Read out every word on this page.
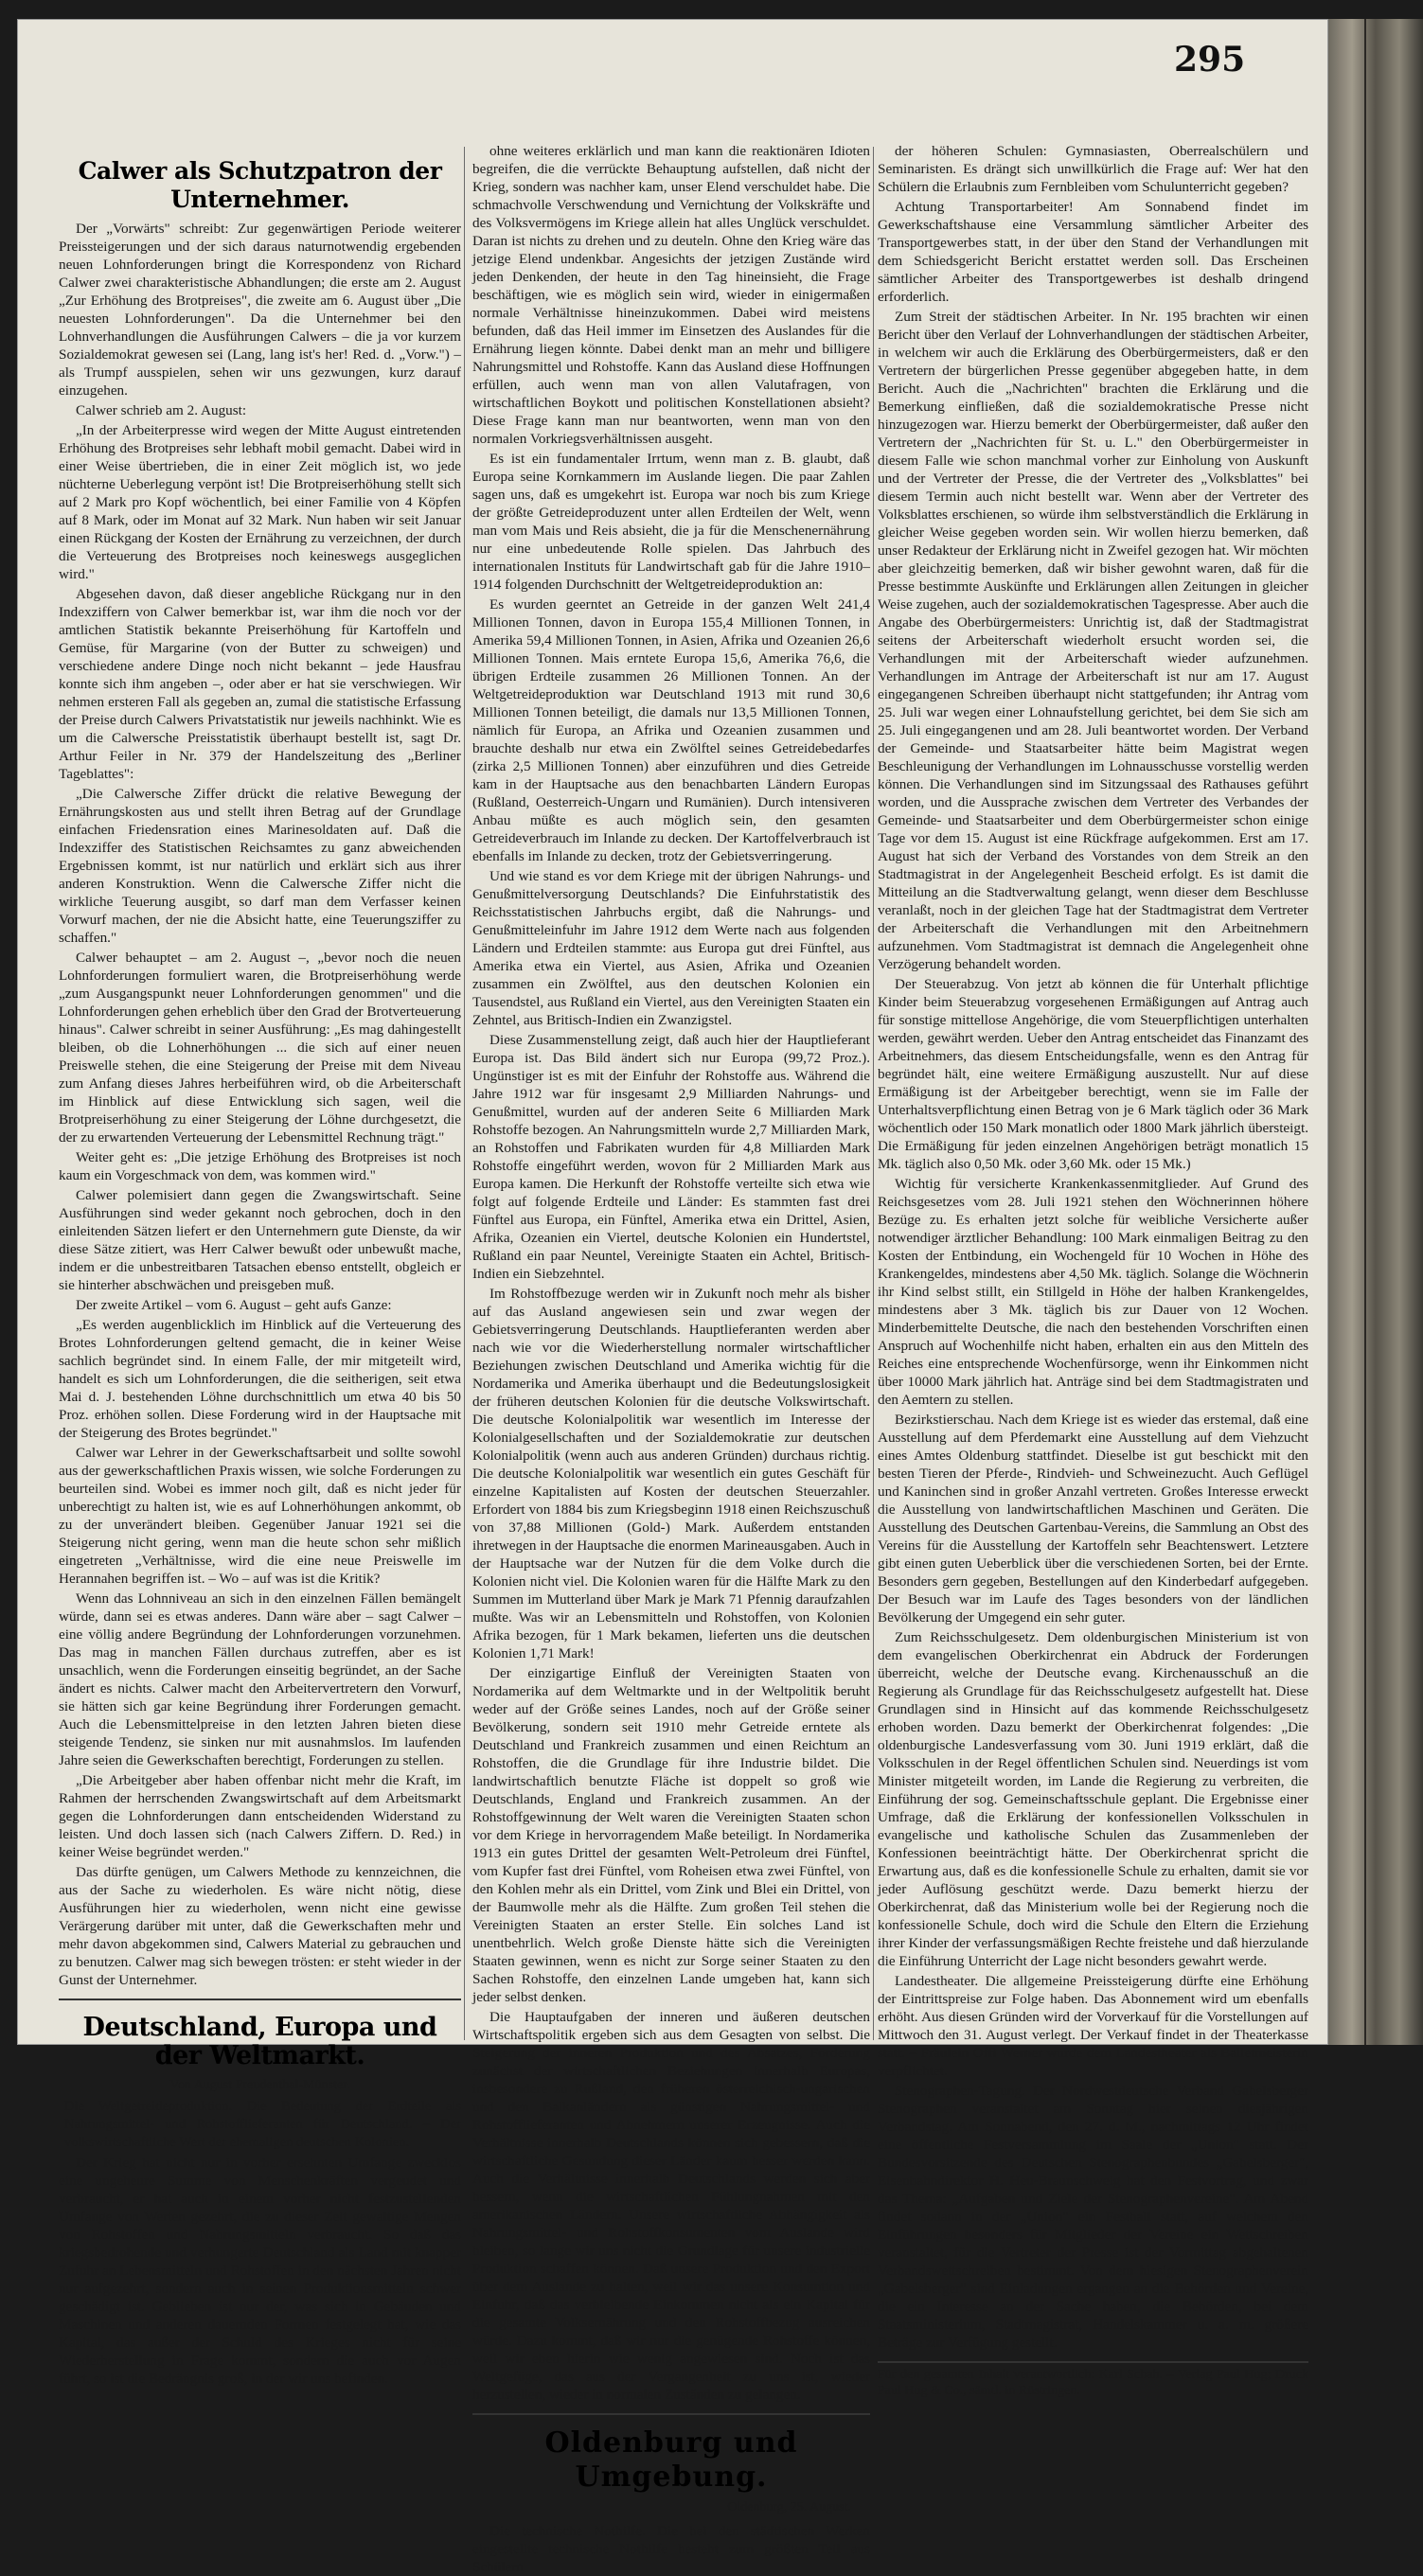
295
Calwer als Schutzpatron der Unternehmer.

Der „Vorwärts" schreibt: Zur gegenwärtigen Periode weiterer Preissteigerungen und der sich daraus naturnotwendig ergebenden neuen Lohnforderungen bringt die Korrespondenz von Richard Calwer zwei charakteristische Abhandlungen; die erste am 2. August „Zur Erhöhung des Brotpreises", die zweite am 6. August über „Die neuesten Lohnforderungen". Da die Unternehmer bei den Lohnverhandlungen die Ausführungen Calwers – die ja vor kurzem Sozialdemokrat gewesen sei (Lang, lang ist's her! Red. d. „Vorw.") – als Trumpf ausspielen, sehen wir uns gezwungen, kurz darauf einzugehen.

Calwer schrieb am 2. August:

„In der Arbeiterpresse wird wegen der Mitte August eintretenden Erhöhung des Brotpreises sehr lebhaft mobil gemacht. Dabei wird in einer Weise übertrieben, die in einer Zeit möglich ist, wo jede nüchterne Ueberlegung verpönt ist! Die Brotpreiserhöhung stellt sich auf 2 Mark pro Kopf wöchentlich, bei einer Familie von 4 Köpfen auf 8 Mark, oder im Monat auf 32 Mark. Nun haben wir seit Januar einen Rückgang der Kosten der Ernährung zu verzeichnen, der durch die Verteuerung des Brotpreises noch keineswegs ausgeglichen wird."

Abgesehen davon, daß dieser angebliche Rückgang nur in den Indexziffern von Calwer bemerkbar ist, war ihm die noch vor der amtlichen Statistik bekannte Preiserhöhung für Kartoffeln und Gemüse, für Margarine (von der Butter zu schweigen) und verschiedene andere Dinge noch nicht bekannt – jede Hausfrau konnte sich ihm angeben –, oder aber er hat sie verschwiegen. Wir nehmen ersteren Fall als gegeben an, zumal die statistische Erfassung der Preise durch Calwers Privatstatistik nur jeweils nachhinkt. Wie es um die Calwersche Preisstatistik überhaupt bestellt ist, sagt Dr. Arthur Feiler in Nr. 379 der Handelszeitung des „Berliner Tageblattes":

„Die Calwersche Ziffer drückt die relative Bewegung der Ernährungskosten aus und stellt ihren Betrag auf der Grundlage einfachen Friedensration eines Marinesoldaten auf. Daß die Indexziffer des Statistischen Reichsamtes zu ganz abweichenden Ergebnissen kommt, ist nur natürlich und erklärt sich aus ihrer anderen Konstruktion. Wenn die Calwersche Ziffer nicht die wirkliche Teuerung ausgibt, so darf man dem Verfasser keinen Vorwurf machen, der nie die Absicht hatte, eine Teuerungsziffer zu schaffen."

Calwer behauptet – am 2. August –, „bevor noch die neuen Lohnforderungen formuliert waren, die Brotpreiserhöhung werde „zum Ausgangspunkt neuer Lohnforderungen genommen" und die Lohnforderungen gehen erheblich über den Grad der Brotverteuerung hinaus". Calwer schreibt in seiner Ausführung: „Es mag dahingestellt bleiben, ob die Lohnerhöhungen ... die sich auf einer neuen Preiswelle stehen, die eine Steigerung der Preise mit dem Niveau zum Anfang dieses Jahres herbeiführen wird, ob die Arbeiterschaft im Hinblick auf diese Entwicklung sich sagen, weil die Brotpreiserhöhung zu einer Steigerung der Löhne durchgesetzt, die der zu erwartenden Verteuerung der Lebensmittel Rechnung trägt."

Weiter geht es: „Die jetzige Erhöhung des Brotpreises ist noch kaum ein Vorgeschmack von dem, was kommen wird."

Calwer polemisiert dann gegen die Zwangswirtschaft. Seine Ausführungen sind weder gekannt noch gebrochen, doch in den einleitenden Sätzen liefert er den Unternehmern gute Dienste, da wir diese Sätze zitiert, was Herr Calwer bewußt oder unbewußt mache, indem er die unbestreitbaren Tatsachen ebenso entstellt, obgleich er sie hinterher abschwächen und preisgeben muß.

Der zweite Artikel – vom 6. August – geht aufs Ganze:

„Es werden augenblicklich im Hinblick auf die Verteuerung des Brotes Lohnforderungen geltend gemacht, die in keiner Weise sachlich begründet sind. In einem Falle, der mir mitgeteilt wird, handelt es sich um Lohnforderungen, die die seitherigen, seit etwa Mai d. J. bestehenden Löhne durchschnittlich um etwa 40 bis 50 Proz. erhöhen sollen. Diese Forderung wird in der Hauptsache mit der Steigerung des Brotes begründet."

Calwer war Lehrer in der Gewerkschaftsarbeit und sollte sowohl aus der gewerkschaftlichen Praxis wissen, wie solche Forderungen zu beurteilen sind. Wobei es immer noch gilt, daß es nicht jeder für unberechtigt zu halten ist, wie es auf Lohnerhöhungen ankommt, ob zu der unverändert bleiben. Gegenüber Januar 1921 sei die Steigerung nicht gering, wenn man die heute schon sehr mißlich eingetreten „Verhältnisse, wird die eine neue Preiswelle im Herannahen begriffen ist. – Wo – auf was ist die Kritik?

Wenn das Lohnniveau an sich in den einzelnen Fällen bemängelt würde, dann sei es etwas anderes. Dann wäre aber – sagt Calwer – eine völlig andere Begründung der Lohnforderungen vorzunehmen. Das mag in manchen Fällen durchaus zutreffen, aber es ist unsachlich, wenn die Forderungen einseitig begründet, an der Sache ändert es nichts. Calwer macht den Arbeitervertretern den Vorwurf, sie hätten sich gar keine Begründung ihrer Forderungen gemacht. Auch die Lebensmittelpreise in den letzten Jahren bieten diese steigende Tendenz, sie sinken nur mit ausnahmslos. Im laufenden Jahre seien die Gewerkschaften berechtigt, Forderungen zu stellen.

„Die Arbeitgeber aber haben offenbar nicht mehr die Kraft, im Rahmen der herrschenden Zwangswirtschaft auf dem Arbeitsmarkt gegen die Lohnforderungen dann entscheidenden Widerstand zu leisten. Und doch lassen sich (nach Calwers Ziffern. D. Red.) in keiner Weise begründet werden."

Das dürfte genügen, um Calwers Methode zu kennzeichnen, die aus der Sache zu wiederholen. Es wäre nicht nötig, diese Ausführungen hier zu wiederholen, wenn nicht eine gewisse Verärgerung darüber mit unter, daß die Gewerkschaften mehr und mehr davon abgekommen sind, Calwers Material zu gebrauchen und zu benutzen. Calwer mag sich bewegen trösten: er steht wieder in der Gunst der Unternehmer.

Deutschland, Europa und der Weltmarkt.
Von August Freudenthal-Münster.

Die Weltgetreideproduktion. Die Bedeutung der Erdteile als Nahrungsmittel- und Rohstofflieferanten für Deutschland. – Der volkswirtschaftliche Wert der ehemaligen deutschen Kolonien.

Der Krieg hat nicht nur in vorher ersehnten Umfange zwecklos eine ungeheure Summe von Menschenkräften vergeudet und verbraucht, er hat auch in einem vorher nicht festzustellenden Umfange von Werten gezehrt, die zu dieser Zeit gewaltige Mengen von Rohstoffen und Nahrungsmitteln verbraucht. So daß das kriegsbedrohende und verhungerte Deutschland als Land mit knapper Zufuhr an Lebensmitteln und Rohstoffen in den nächsten Jahren nicht nur aufgezehrt, sondern auch in seinen Produktionsmitteln schwer geschädigt ist. Geblieben ist nur der, was sich in Gebäuden und Maschinen und anderen dauernden Formen festgelegt hat, wie das Kapital, das außer der Schuld des Krieges nicht für seine Wiederherstellung in Frage kommt, sondern die auch vor Augen führt, so ist die Bedrängnis groß, in der wir uns befinden.

ohne weiteres erklärlich und man kann die reaktionären Idioten begreifen, die die verrückte Behauptung aufstellen, daß nicht der Krieg, sondern was nachher kam, unser Elend verschuldet habe. Die schmachvolle Verschwendung und Vernichtung der Volkskräfte und des Volksvermögens im Kriege allein hat alles Unglück verschuldet. Daran ist nichts zu drehen und zu deuteln. Ohne den Krieg wäre das jetzige Elend undenkbar. Angesichts der jetzigen Zustände wird jeden Denkenden, der heute in den Tag hineinsieht, die Frage beschäftigen, wie es möglich sein wird, wieder in einigermaßen normale Verhältnisse hineinzukommen. Dabei wird meistens befunden, daß das Heil immer im Einsetzen des Auslandes für die Ernährung liegen könnte. Dabei denkt man an mehr und billigere Nahrungsmittel und Rohstoffe. Kann das Ausland diese Hoffnungen erfüllen, auch wenn man von allen Valutafragen, von wirtschaftlichen Boykott und politischen Konstellationen absieht? Diese Frage kann man nur beantworten, wenn man von den normalen Vorkriegsverhältnissen ausgeht.

Es ist ein fundamentaler Irrtum, wenn man z. B. glaubt, daß Europa seine Kornkammern im Auslande liegen. Die paar Zahlen sagen uns, daß es umgekehrt ist. Europa war noch bis zum Kriege der größte Getreideproduzent unter allen Erdteilen der Welt, wenn man vom Mais und Reis absieht, die ja für die Menschenernährung nur eine unbedeutende Rolle spielen. Das Jahrbuch des internationalen Instituts für Landwirtschaft gab für die Jahre 1910–1914 folgenden Durchschnitt der Weltgetreideproduktion an:

Es wurden geerntet an Getreide in der ganzen Welt 241,4 Millionen Tonnen, davon in Europa 155,4 Millionen Tonnen, in Amerika 59,4 Millionen Tonnen, in Asien, Afrika und Ozeanien 26,6 Millionen Tonnen. Mais erntete Europa 15,6, Amerika 76,6, die übrigen Erdteile zusammen 26 Millionen Tonnen. An der Weltgetreideproduktion war Deutschland 1913 mit rund 30,6 Millionen Tonnen beteiligt, die damals nur 13,5 Millionen Tonnen, nämlich für Europa, an Afrika und Ozeanien zusammen und brauchte deshalb nur etwa ein Zwölftel seines Getreidebedarfes (zirka 2,5 Millionen Tonnen) aber einzuführen und dies Getreide kam in der Hauptsache aus den benachbarten Ländern Europas (Rußland, Oesterreich-Ungarn und Rumänien). Durch intensiveren Anbau müßte es auch möglich sein, den gesamten Getreideverbrauch im Inlande zu decken. Der Kartoffelverbrauch ist ebenfalls im Inlande zu decken, trotz der Gebietsverringerung.

Und wie stand es vor dem Kriege mit der übrigen Nahrungs- und Genußmittelversorgung Deutschlands? Die Einfuhrstatistik des Reichsstatistischen Jahrbuchs ergibt, daß die Nahrungs- und Genußmitteleinfuhr im Jahre 1912 dem Werte nach aus folgenden Ländern und Erdteilen stammte: aus Europa gut drei Fünftel, aus Amerika etwa ein Viertel, aus Asien, Afrika und Ozeanien zusammen ein Zwölftel, aus den deutschen Kolonien ein Tausendstel, aus Rußland ein Viertel, aus den Vereinigten Staaten ein Zehntel, aus Britisch-Indien ein Zwanzigstel.

Diese Zusammenstellung zeigt, daß auch hier der Hauptlieferant Europa ist. Das Bild ändert sich nur Europa (99,72 Proz.). Ungünstiger ist es mit der Einfuhr der Rohstoffe aus. Während die Jahre 1912 war für insgesamt 2,9 Milliarden Nahrungs- und Genußmittel, wurden auf der anderen Seite 6 Milliarden Mark Rohstoffe bezogen. An Nahrungsmitteln wurde 2,7 Milliarden Mark, an Rohstoffen und Fabrikaten wurden für 4,8 Milliarden Mark Rohstoffe eingeführt werden, wovon für 2 Milliarden Mark aus Europa kamen. Die Herkunft der Rohstoffe verteilte sich etwa wie folgt auf folgende Erdteile und Länder: Es stammten fast drei Fünftel aus Europa, ein Fünftel, Amerika etwa ein Drittel, Asien, Afrika, Ozeanien ein Viertel, deutsche Kolonien ein Hundertstel, Rußland ein paar Neuntel, Vereinigte Staaten ein Achtel, Britisch-Indien ein Siebzehntel.

Im Rohstoffbezuge werden wir in Zukunft noch mehr als bisher auf das Ausland angewiesen sein und zwar wegen der Gebietsverringerung Deutschlands. Hauptlieferanten werden aber nach wie vor die Wiederherstellung normaler wirtschaftlicher Beziehungen zwischen Deutschland und Amerika wichtig für die Nordamerika und Amerika überhaupt und die Bedeutungslosigkeit der früheren deutschen Kolonien für die deutsche Volkswirtschaft. Die deutsche Kolonialpolitik war wesentlich im Interesse der Kolonialgesellschaften und der Sozialdemokratie zur deutschen Kolonialpolitik (wenn auch aus anderen Gründen) durchaus richtig. Die deutsche Kolonialpolitik war wesentlich ein gutes Geschäft für einzelne Kapitalisten auf Kosten der deutschen Steuerzahler. Erfordert von 1884 bis zum Kriegsbeginn 1918 einen Reichszuschuß von 37,88 Millionen (Gold-) Mark. Außerdem entstanden ihretwegen in der Hauptsache die enormen Marineausgaben. Auch in der Hauptsache war der Nutzen für die dem Volke durch die Kolonien nicht viel. Die Kolonien waren für die Hälfte Mark zu den Summen im Mutterland über Mark je Mark 71 Pfennig daraufzahlen mußte. Was wir an Lebensmitteln und Rohstoffen, von Kolonien Afrika bezogen, für 1 Mark bekamen, lieferten uns die deutschen Kolonien 1,71 Mark!

Der einzigartige Einfluß der Vereinigten Staaten von Nordamerika auf dem Weltmarkte und in der Weltpolitik beruht weder auf der Größe seines Landes, noch auf der Größe seiner Bevölkerung, sondern seit 1910 mehr Getreide erntete als Deutschland und Frankreich zusammen und einen Reichtum an Rohstoffen, die die Grundlage für ihre Industrie bildet. Die landwirtschaftlich benutzte Fläche ist doppelt so groß wie Deutschlands, England und Frankreich zusammen. An der Rohstoffgewinnung der Welt waren die Vereinigten Staaten schon vor dem Kriege in hervorragendem Maße beteiligt. In Nordamerika 1913 ein gutes Drittel der gesamten Welt-Petroleum drei Fünftel, vom Kupfer fast drei Fünftel, vom Roheisen etwa zwei Fünftel, von den Kohlen mehr als ein Drittel, vom Zink und Blei ein Drittel, von der Baumwolle mehr als die Hälfte. Zum großen Teil stehen die Vereinigten Staaten an erster Stelle. Ein solches Land ist unentbehrlich. Welch große Dienste hätte sich die Vereinigten Staaten gewinnen, wenn es nicht zur Sorge seiner Staaten zu den Sachen Rohstoffe, den einzelnen Lande umgeben hat, kann sich jeder selbst denken.

Die Hauptaufgaben der inneren und äußeren deutschen Wirtschaftspolitik ergeben sich aus dem Gesagten von selbst. Die Steigerung der inneren Produktion und des Absatzes, Förderung zunächst der wirtschaftlichen Beziehungen innerhalb Europas, insbesondere zu Rußland, den früheren österreichisch-ungarischen und den Balkanländern als günstigen Nahrungsmittel- und Rohstofflieferanten und Abnehmern unserer Erzeugnisse. Auch die Verhältnisse innerhalb Deutschlands können sich gebessern, daß die wirtschaftliche Gesundung dieser Länder kaum besser werden kann. Auch die Verhältnisse innerhalb Deutschlands werden sich aber bessern, wenn die wirtschaftlichen Fühlungnahmen mit den amerikanischen Ländern. Unsere wirtschaftliche Abhängigkeit als Nahrungsmittel- und Rohstoffkonsumenten vom Auslande wird bleiben, so lange wir uns nicht die Grundlage für unsere industrielle Produktion schaffen können. Daß unsere Produktion und den Export über dem Auslande zu halten, weil wir das unsere Konsumtion und Einfuhr, daß das verbleibende Einkommen nicht als ein Kapital für die gesamte Volksernährung und den Rohstoffbezug ausreichen würde. Dazu kommt, daß wir nur die genügende Rohstoffe können, weil wir eben hierin wie wenig angewiesen sind. Noch ist das Weltgefüge, das aus der Vergangenheit zu uns ist, wieder herzustellen, wieder in normalen Zuständen zu gelangen.

Oldenburg und Umgebung.
Oldenburg, 25. August.

Die technische Nothilfe. Die bei den städtischen Werken eingestellte technische Nothilfe besteht zum größten Teil aus Schülern

der höheren Schulen: Gymnasiasten, Oberrealschülern und Seminaristen. Es drängt sich unwillkürlich die Frage auf: Wer hat den Schülern die Erlaubnis zum Fernbleiben vom Schulunterricht gegeben?

Achtung Transportarbeiter! Am Sonnabend findet im Gewerkschaftshause eine Versammlung sämtlicher Arbeiter des Transportgewerbes statt, in der über den Stand der Verhandlungen mit dem Schiedsgericht Bericht erstattet werden soll. Das Erscheinen sämtlicher Arbeiter des Transportgewerbes ist deshalb dringend erforderlich.

Zum Streit der städtischen Arbeiter. In Nr. 195 brachten wir einen Bericht über den Verlauf der Lohnverhandlungen der städtischen Arbeiter, in welchem wir auch die Erklärung des Oberbürgermeisters, daß er den Vertretern der bürgerlichen Presse gegenüber abgegeben hatte, in dem Bericht. Auch die „Nachrichten" brachten die Erklärung und die Bemerkung einfließen, daß die sozialdemokratische Presse nicht hinzugezogen war. Hierzu bemerkt der Oberbürgermeister, daß außer den Vertretern der „Nachrichten für St. u. L." den Oberbürgermeister in diesem Falle wie schon manchmal vorher zur Einholung von Auskunft und der Vertreter der Presse, die der Vertreter des „Volksblattes" bei diesem Termin auch nicht bestellt war. Wenn aber der Vertreter des Volksblattes erschienen, so würde ihm selbstverständlich die Erklärung in gleicher Weise gegeben worden sein. Wir wollen hierzu bemerken, daß unser Redakteur der Erklärung nicht in Zweifel gezogen hat. Wir möchten aber gleichzeitig bemerken, daß wir bisher gewohnt waren, daß für die Presse bestimmte Auskünfte und Erklärungen allen Zeitungen in gleicher Weise zugehen, auch der sozialdemokratischen Tagespresse. Aber auch die Angabe des Oberbürgermeisters: Unrichtig ist, daß der Stadtmagistrat seitens der Arbeiterschaft wiederholt ersucht worden sei, die Verhandlungen mit der Arbeiterschaft wieder aufzunehmen. Verhandlungen im Antrage der Arbeiterschaft ist nur am 17. August eingegangenen Schreiben überhaupt nicht stattgefunden; ihr Antrag vom 25. Juli war wegen einer Lohnaufstellung gerichtet, bei dem Sie sich am 25. Juli eingegangenen und am 28. Juli beantwortet worden. Der Verband der Gemeinde- und Staatsarbeiter hätte beim Magistrat wegen Beschleunigung der Verhandlungen im Lohnausschusse vorstellig werden können. Die Verhandlungen sind im Sitzungssaal des Rathauses geführt worden, und die Aussprache zwischen dem Vertreter des Verbandes der Gemeinde- und Staatsarbeiter und dem Oberbürgermeister schon einige Tage vor dem 15. August ist eine Rückfrage aufgekommen. Erst am 17. August hat sich der Verband des Vorstandes von dem Streik an den Stadtmagistrat in der Angelegenheit Bescheid erfolgt. Es ist damit die Mitteilung an die Stadtverwaltung gelangt, wenn dieser dem Beschlusse veranlaßt, noch in der gleichen Tage hat der Stadtmagistrat dem Vertreter der Arbeiterschaft die Verhandlungen mit den Arbeitnehmern aufzunehmen. Vom Stadtmagistrat ist demnach die Angelegenheit ohne Verzögerung behandelt worden.

Der Steuerabzug. Von jetzt ab können die für Unterhalt pflichtige Kinder beim Steuerabzug vorgesehenen Ermäßigungen auf Antrag auch für sonstige mittellose Angehörige, die vom Steuerpflichtigen unterhalten werden, gewährt werden. Ueber den Antrag entscheidet das Finanzamt des Arbeitnehmers, das diesem Entscheidungsfalle, wenn es den Antrag für begründet hält, eine weitere Ermäßigung auszustellt. Nur auf diese Ermäßigung ist der Arbeitgeber berechtigt, wenn sie im Falle der Unterhaltsverpflichtung einen Betrag von je 6 Mark täglich oder 36 Mark wöchentlich oder 150 Mark monatlich oder 1800 Mark jährlich übersteigt. Die Ermäßigung für jeden einzelnen Angehörigen beträgt monatlich 15 Mk. täglich also 0,50 Mk. oder 3,60 Mk. oder 15 Mk.)

Wichtig für versicherte Krankenkassenmitglieder. Auf Grund des Reichsgesetzes vom 28. Juli 1921 stehen den Wöchnerinnen höhere Bezüge zu. Es erhalten jetzt solche für weibliche Versicherte außer notwendiger ärztlicher Behandlung: 100 Mark einmaligen Beitrag zu den Kosten der Entbindung, ein Wochengeld für 10 Wochen in Höhe des Krankengeldes, mindestens aber 4,50 Mk. täglich. Solange die Wöchnerin ihr Kind selbst stillt, ein Stillgeld in Höhe der halben Krankengeldes, mindestens aber 3 Mk. täglich bis zur Dauer von 12 Wochen. Minderbemittelte Deutsche, die nach den bestehenden Vorschriften einen Anspruch auf Wochenhilfe nicht haben, erhalten ein aus den Mitteln des Reiches eine entsprechende Wochenfürsorge, wenn ihr Einkommen nicht über 10000 Mark jährlich hat. Anträge sind bei dem Stadtmagistraten und den Aemtern zu stellen.

Bezirkstierschau. Nach dem Kriege ist es wieder das erstemal, daß eine Ausstellung auf dem Pferdemarkt eine Ausstellung auf dem Viehzucht eines Amtes Oldenburg stattfindet. Dieselbe ist gut beschickt mit den besten Tieren der Pferde-, Rindvieh- und Schweinezucht. Auch Geflügel und Kaninchen sind in großer Anzahl vertreten. Großes Interesse erweckt die Ausstellung von landwirtschaftlichen Maschinen und Geräten. Die Ausstellung des Deutschen Gartenbau-Vereins, die Sammlung an Obst des Vereins für die Ausstellung der Kartoffeln sehr Beachtenswert. Letztere gibt einen guten Ueberblick über die verschiedenen Sorten, bei der Ernte. Besonders gern gegeben, Bestellungen auf den Kinderbedarf aufgegeben. Der Besuch war im Laufe des Tages besonders von der ländlichen Bevölkerung der Umgegend ein sehr guter.

Zum Reichsschulgesetz. Dem oldenburgischen Ministerium ist von dem evangelischen Oberkirchenrat ein Abdruck der Forderungen überreicht, welche der Deutsche evang. Kirchenausschuß an die Regierung als Grundlage für das Reichsschulgesetz aufgestellt hat. Diese Grundlagen sind in Hinsicht auf das kommende Reichsschulgesetz erhoben worden. Dazu bemerkt der Oberkirchenrat folgendes: „Die oldenburgische Landesverfassung vom 30. Juni 1919 erklärt, daß die Volksschulen in der Regel öffentlichen Schulen sind. Neuerdings ist vom Minister mitgeteilt worden, im Lande die Regierung zu verbreiten, die Einführung der sog. Gemeinschaftsschule geplant. Die Ergebnisse einer Umfrage, daß die Erklärung der konfessionellen Volksschulen in evangelische und katholische Schulen das Zusammenleben der Konfessionen beeinträchtigt hätte. Der Oberkirchenrat spricht die Erwartung aus, daß es die konfessionelle Schule zu erhalten, damit sie vor jeder Auflösung geschützt werde. Dazu bemerkt hierzu der Oberkirchenrat, daß das Ministerium wolle bei der Regierung noch die konfessionelle Schule, doch wird die Schule den Eltern die Erziehung ihrer Kinder der verfassungsmäßigen Rechte freistehe und daß hierzulande die Einführung Unterricht der Lage nicht besonders gewahrt werde.

Landestheater. Die allgemeine Preissteigerung dürfte eine Erhöhung der Eintrittspreise zur Folge haben. Das Abonnement wird um ebenfalls erhöht. Aus diesen Gründen wird der Vorverkauf für die Vorstellungen auf Mittwoch den 31. August verlegt. Der Verkauf findet in der Theaterkasse statt. – Fräulein Offi Werner wurde dem Landestheater als Balletmeisterin verpflichtet.

Stenographen-Tagung. Der Nordwestdeutsche Verband Gabelsberger Stenographen veranstaltet am Sonntag hier seinen diesjährigen Verbandstag. Am Sonnabend, den 27. d. M., nachmittags 12 Uhr findet eine öffentliche Festversammlung im Saale der „Union" statt. Der Bundesvorsitzende des Deutschen Stenographenbundes „Gabelsberger", Eisenbahndirektor H. Heu-Braunschweig hat den Festvortrag, und zwar das Thema: „Aufgaben und Ziele der Stenographenvereine". Am Abend findet sodann in der „Union" ein Festball statt, auf welchem den Einführungen besonders für Mitglieder der Vereine ein Wettschreiben veranstaltet, für die Vertreter der Presse ist der Vormittag abgehaltenen Verbandswettschreiben bestimmt. Von dem hiesigen Stenographenverein „Gabelsberger" sind Einladungen ergangen an die Behörden und Vereine, die ein Interesse an der Sache haben, die Behörden, bei dem Staatsministerium, Stadtmagistrat, Handelskammer u. a. m. größere Beträge zur Verfügung gestellt.

Für den gesamten Inhalt verantwortlich: Karl Schah. – Verlag Paul Hug; Druck Paul Hug & Co., sämtl. in Rüstringen.
